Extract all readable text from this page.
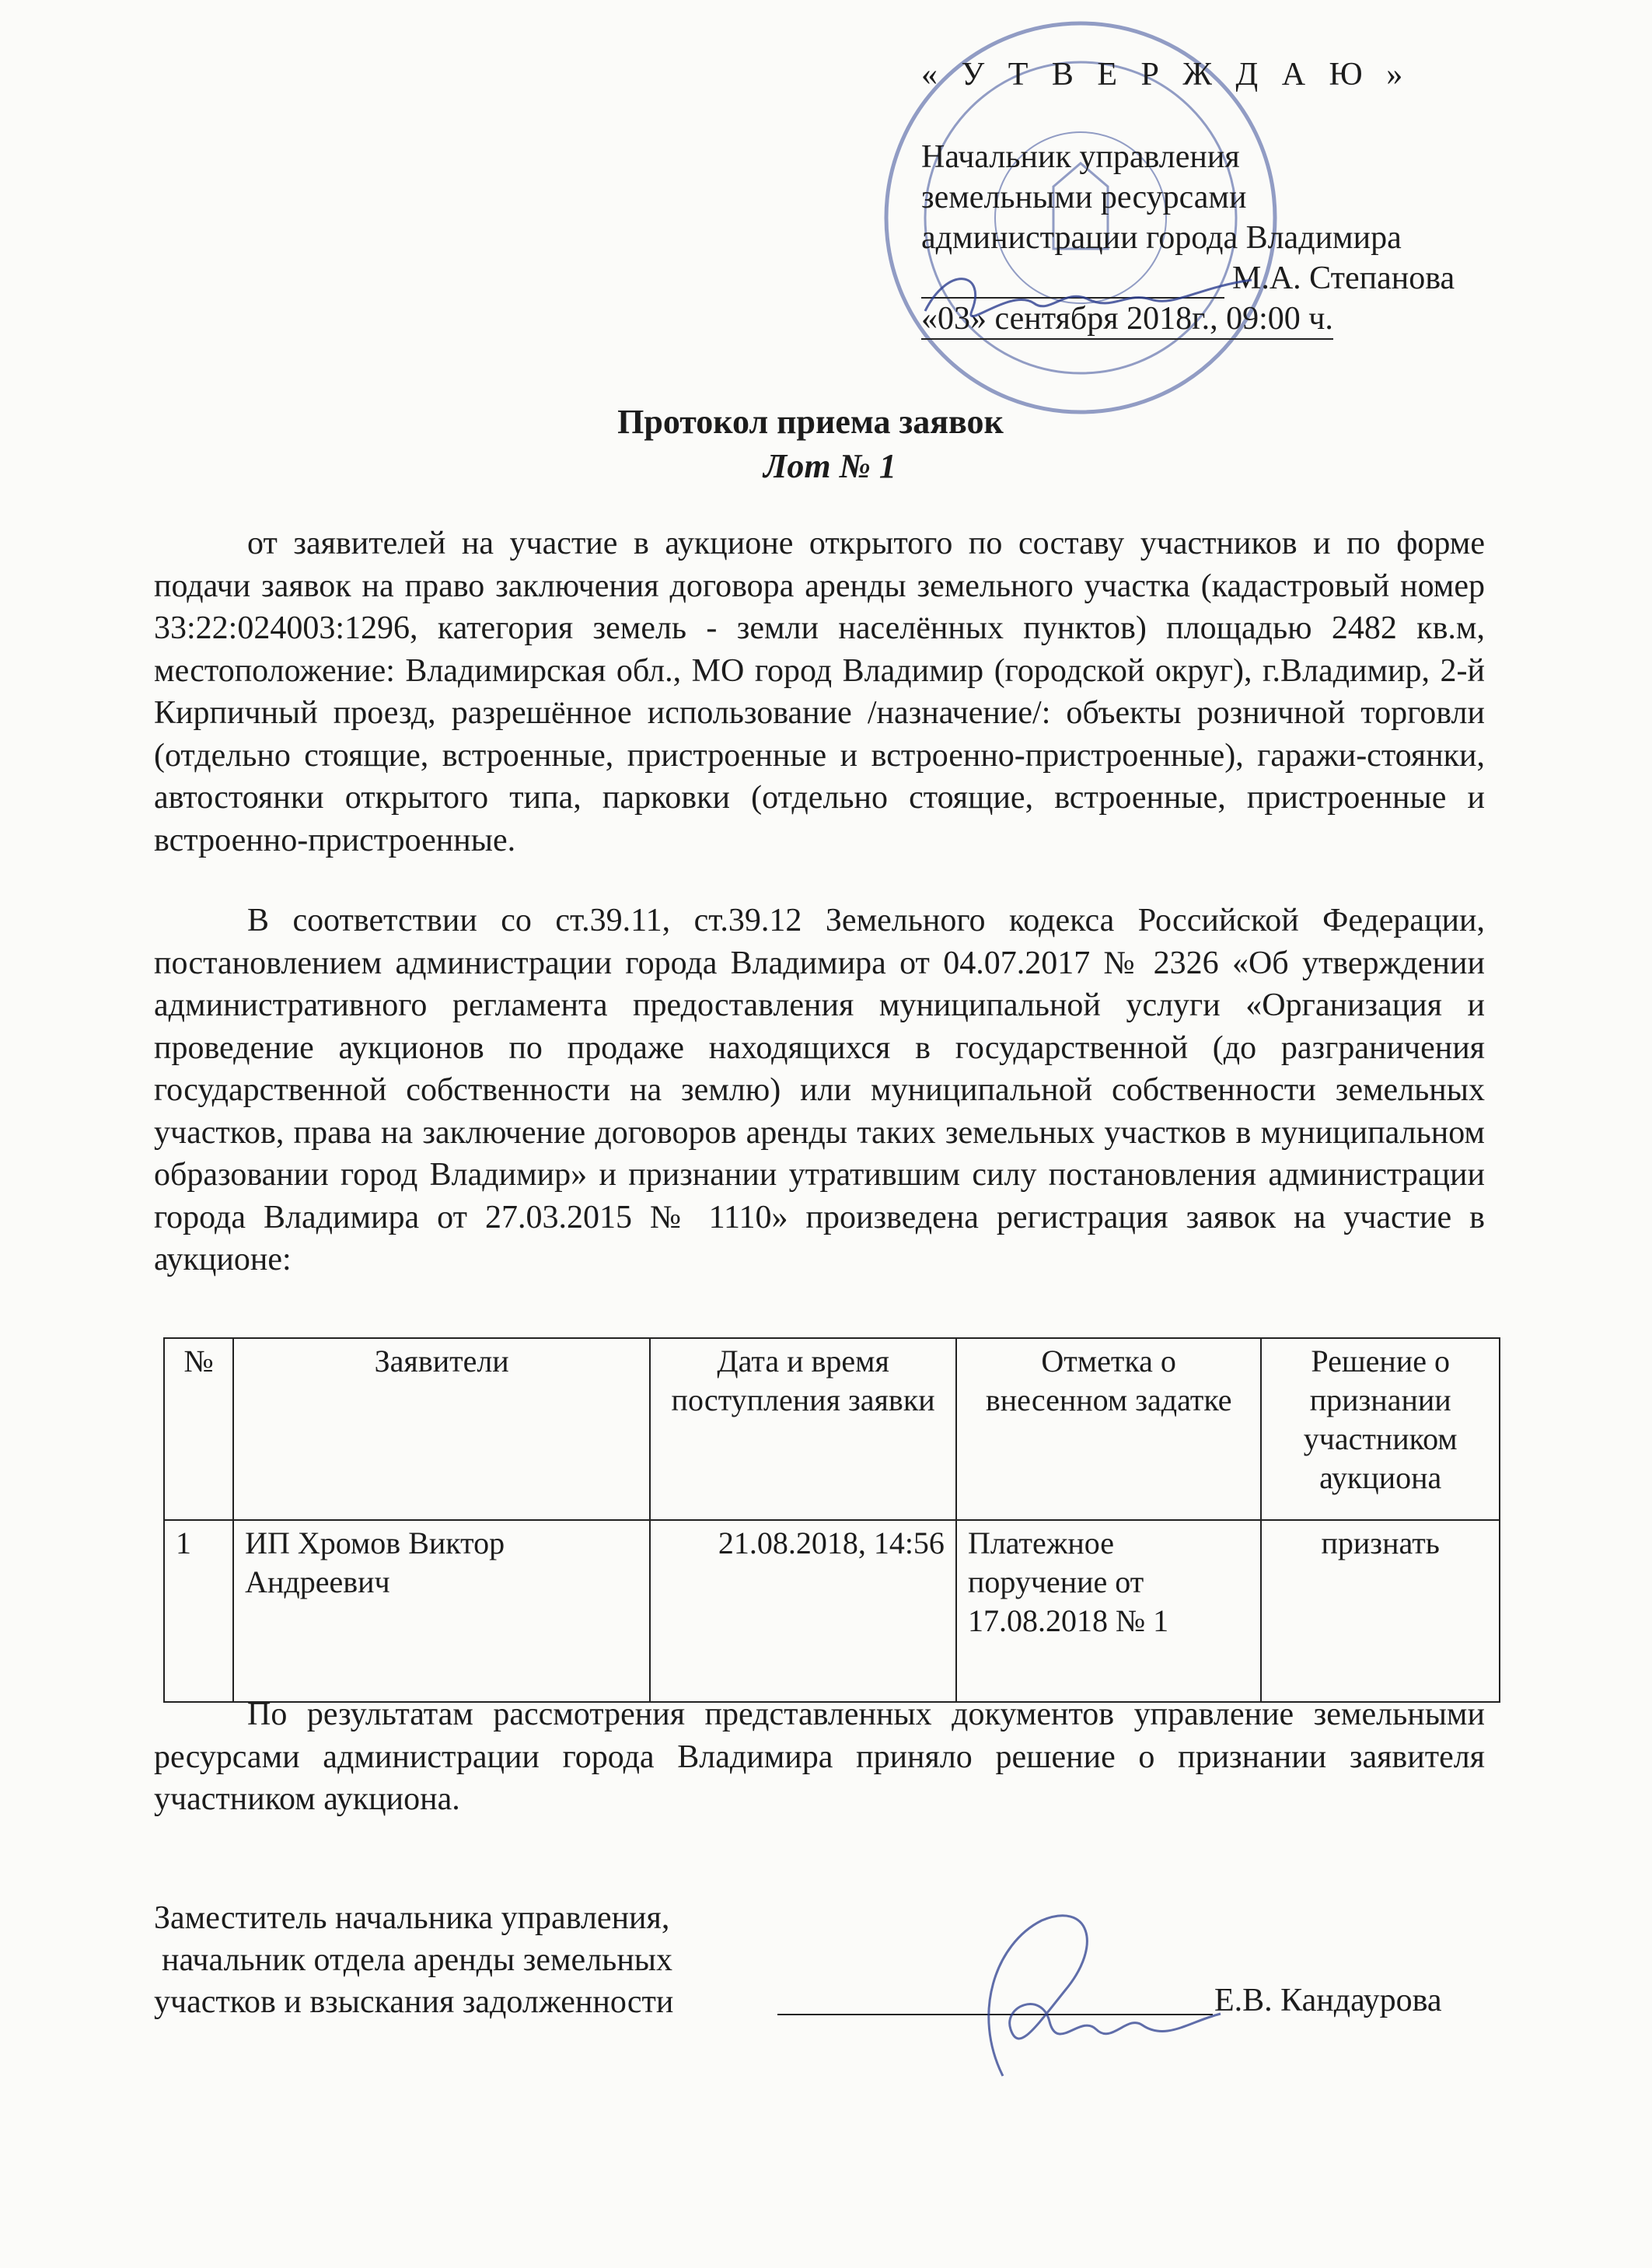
« У Т В Е Р Ж Д А Ю »
Начальник управления
земельными ресурсами
администрации города Владимира
М.А. Степанова
«03» сентября 2018г., 09:00 ч.
Протокол приема заявок
Лот № 1
от заявителей на участие в аукционе открытого по составу участников и по форме подачи заявок на право заключения договора аренды земельного участка (кадастровый номер 33:22:024003:1296, категория земель - земли населённых пунктов) площадью 2482 кв.м, местоположение: Владимирская обл., МО город Владимир (городской округ), г.Владимир, 2-й Кирпичный проезд, разрешённое использование /назначение/: объекты розничной торговли (отдельно стоящие, встроенные, пристроенные и встроенно-пристроенные), гаражи-стоянки, автостоянки открытого типа, парковки (отдельно стоящие, встроенные, пристроенные и встроенно-пристроенные.
В соответствии со ст.39.11, ст.39.12 Земельного кодекса Российской Федерации, постановлением администрации города Владимира от 04.07.2017 № 2326 «Об утверждении административного регламента предоставления муниципальной услуги «Организация и проведение аукционов по продаже находящихся в государственной (до разграничения государственной собственности на землю) или муниципальной собственности земельных участков, права на заключение договоров аренды таких земельных участков в муниципальном образовании город Владимир» и признании утратившим силу постановления администрации города Владимира от 27.03.2015 № 1110» произведена регистрация заявок на участие в аукционе:
№	Заявители	Дата и время поступления заявки	Отметка о внесенном задатке	Решение о признании участником аукциона
1	ИП Хромов Виктор Андреевич	21.08.2018, 14:56	Платежное поручение от 17.08.2018 № 1	признать
По результатам рассмотрения представленных документов управление земельными ресурсами администрации города Владимира приняло решение о признании заявителя участником аукциона.
Заместитель начальника управления,
начальник отдела аренды земельных
участков и взыскания задолженности	Е.В. Кандаурова
